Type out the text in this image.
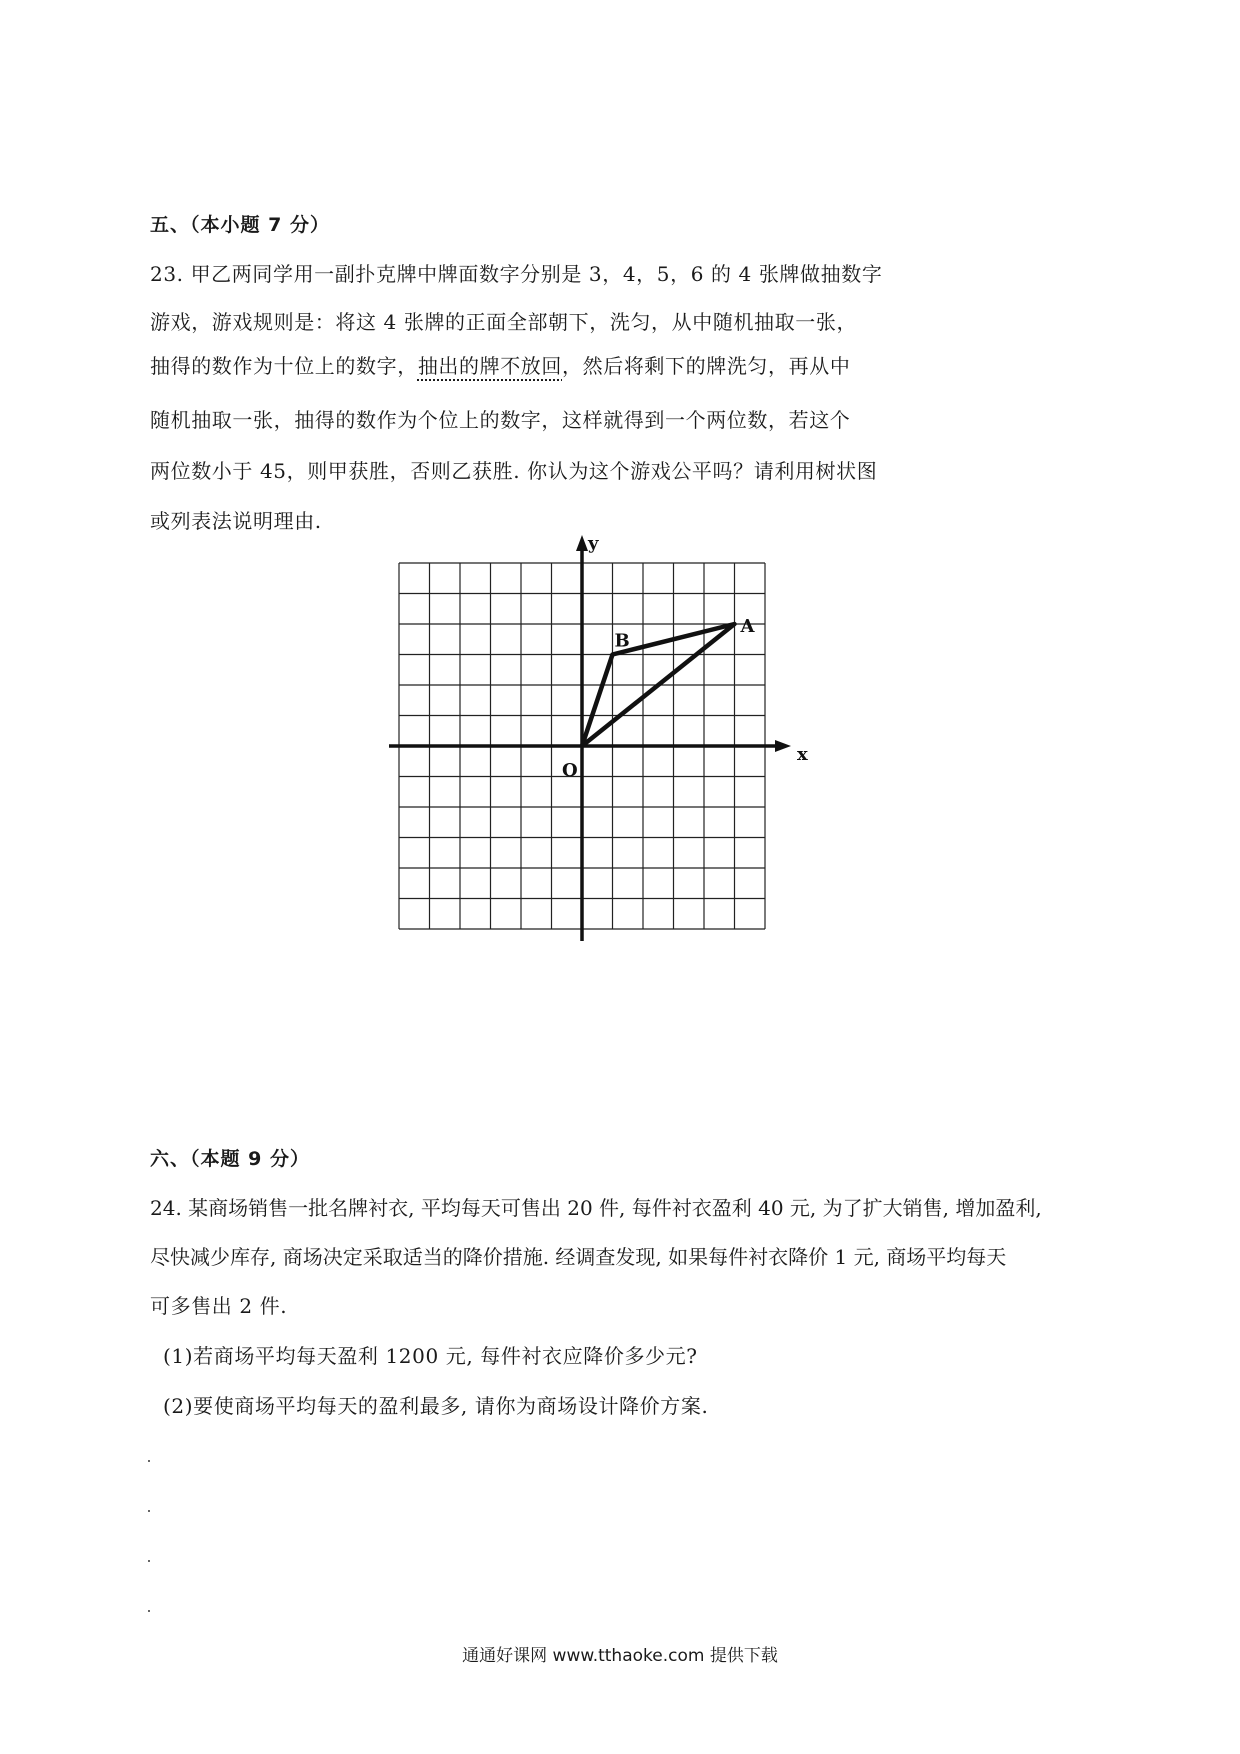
五、（本小题 7 分）
23. 甲乙两同学用一副扑克牌中牌面数字分别是 3，4，5，6 的 4 张牌做抽数字
游戏，游戏规则是：将这 4 张牌的正面全部朝下，洗匀，从中随机抽取一张，
抽得的数作为十位上的数字，抽出的牌不放回，然后将剩下的牌洗匀，再从中
随机抽取一张，抽得的数作为个位上的数字，这样就得到一个两位数，若这个
两位数小于 45，则甲获胜，否则乙获胜. 你认为这个游戏公平吗？请利用树状图
或列表法说明理由.
y
x
O
A
B
六、（本题 9 分）
24. 某商场销售一批名牌衬衣, 平均每天可售出 20 件, 每件衬衣盈利 40 元, 为了扩大销售, 增加盈利,
尽快减少库存, 商场决定采取适当的降价措施. 经调查发现, 如果每件衬衣降价 1 元, 商场平均每天
可多售出 2 件.
(1)若商场平均每天盈利 1200 元, 每件衬衣应降价多少元?
(2)要使商场平均每天的盈利最多, 请你为商场设计降价方案.
通通好课网 www.tthaoke.com 提供下载
